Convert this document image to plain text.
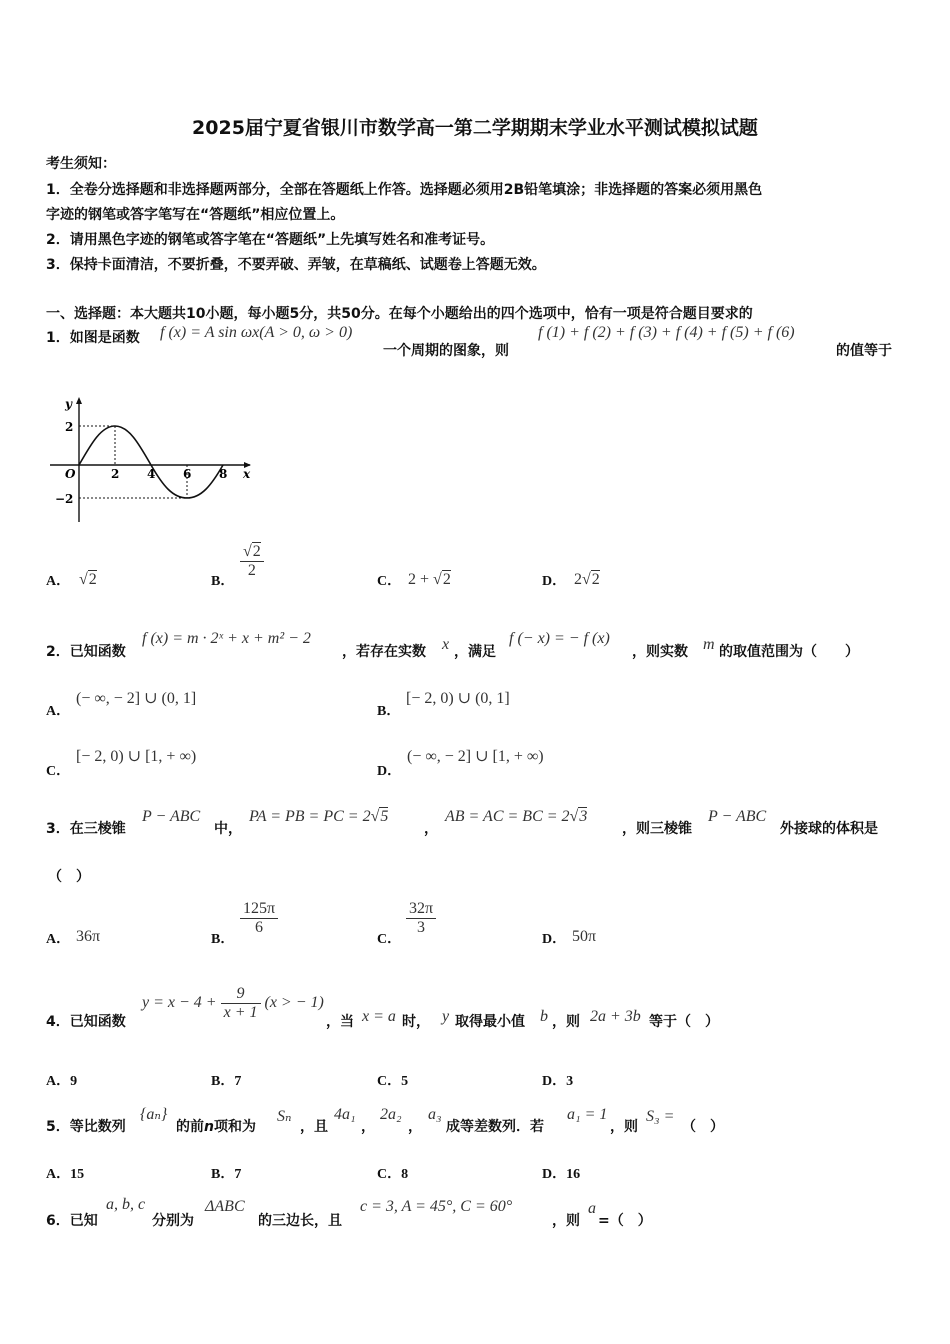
2025届宁夏省银川市数学高一第二学期期末学业水平测试模拟试题
考生须知：
1．全卷分选择题和非选择题两部分，全部在答题纸上作答。选择题必须用2B铅笔填涂；非选择题的答案必须用黑色
字迹的钢笔或答字笔写在“答题纸”相应位置上。
2．请用黑色字迹的钢笔或答字笔在“答题纸”上先填写姓名和准考证号。
3．保持卡面清洁，不要折叠，不要弄破、弄皱，在草稿纸、试题卷上答题无效。
一、选择题：本大题共10小题，每小题5分，共50分。在每个小题给出的四个选项中，恰有一项是符合题目要求的
1．如图是函数 f (x) = A sin ωx(A > 0, ω > 0)
一个周期的图象，则
f (1) + f (2) + f (3) + f (4) + f (5) + f (6)
的值等于
y
x
O
2
−2
2 4 6 8
A． √2	B．
$\frac{√2}{2}$
C． 2 + √2	D． 2√2
2．已知函数
f (x) = m · 2ˣ + x + m² − 2
，若存在实数 x ，满足
f (− x) = − f (x)
，则实数 m 的取值范围为（　　）
A．
(− ∞, − 2] ∪ (0, 1]
B．
[− 2, 0) ∪ (0, 1]
C．
[− 2, 0) ∪ [1, + ∞)
D．
(− ∞, − 2] ∪ [1, + ∞)
3．在三棱锥
P − ABC
中，
PA = PB = PC = 2√5
，
AB = AC = BC = 2√3
，则三棱锥
P − ABC
外接球的体积是
（　）
A． 36π	B．
$\frac{125\pi}{6}$
C．
$\frac{32\pi}{3}$
D． 50π
4．已知函数
$y = x - 4 + \frac{9}{x + 1} (x$ > − 1)
，当 x = a 时， y 取得最小值 b ，则 2a + 3b 等于（　）
A．9	B．7	C．5	D．3
5．等比数列
{aₙ}
的前n项和为
Sₙ
，且
4a₁
，
2a₂
，
a₃
成等差数列．若
a₁ = 1
，则
S₃ =
（　）
A．15	B．7	C．8	D．16
6．已知
a, b, c
分别为
ΔABC
的三边长，且
c = 3, A = 45°, C = 60°
，则
a
=（　）
